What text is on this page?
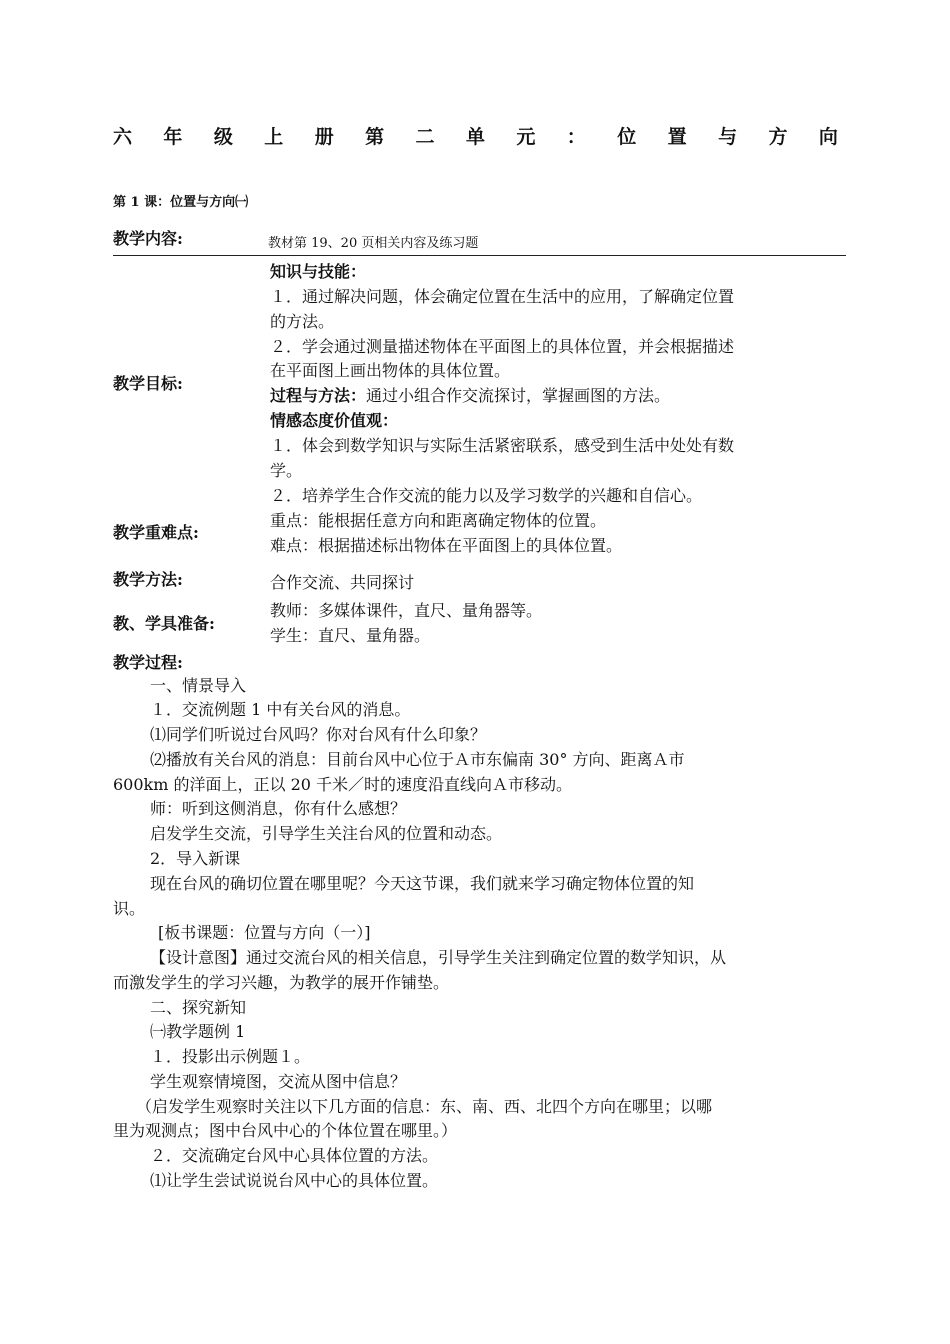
六 年 级 上 册 第 二 单 元 ： 位 置 与 方 向
第 1 课：位置与方向㈠
教学内容:	教材第 19、20 页相关内容及练习题
教学目标:
知识与技能：
１．通过解决问题，体会确定位置在生活中的应用，了解确定位置
的方法。
２．学会通过测量描述物体在平面图上的具体位置，并会根据描述
在平面图上画出物体的具体位置。
过程与方法：通过小组合作交流探讨，掌握画图的方法。
情感态度价值观：
１．体会到数学知识与实际生活紧密联系，感受到生活中处处有数
学。
２．培养学生合作交流的能力以及学习数学的兴趣和自信心。
教学重难点:
重点：能根据任意方向和距离确定物体的位置。
难点：根据描述标出物体在平面图上的具体位置。
教学方法:	合作交流、共同探讨
教、学具准备:
教师：多媒体课件，直尺、量角器等。
学生：直尺、量角器。
教学过程:
一、情景导入
１．交流例题 1 中有关台风的消息。
⑴同学们听说过台风吗？你对台风有什么印象？
⑵播放有关台风的消息：目前台风中心位于Ａ市东偏南 30° 方向、距离Ａ市
600km 的洋面上，正以 20 千米／时的速度沿直线向Ａ市移动。
师：听到这侧消息，你有什么感想？
启发学生交流，引导学生关注台风的位置和动态。
2．导入新课
现在台风的确切位置在哪里呢？今天这节课，我们就来学习确定物体位置的知
识。
[板书课题：位置与方向（一）]
【设计意图】通过交流台风的相关信息，引导学生关注到确定位置的数学知识，从
而激发学生的学习兴趣，为教学的展开作铺垫。
二、探究新知
㈠教学题例 1
１．投影出示例题１。
学生观察情境图，交流从图中信息？
（启发学生观察时关注以下几方面的信息：东、南、西、北四个方向在哪里；以哪
里为观测点；图中台风中心的个体位置在哪里。）
２．交流确定台风中心具体位置的方法。
⑴让学生尝试说说台风中心的具体位置。
